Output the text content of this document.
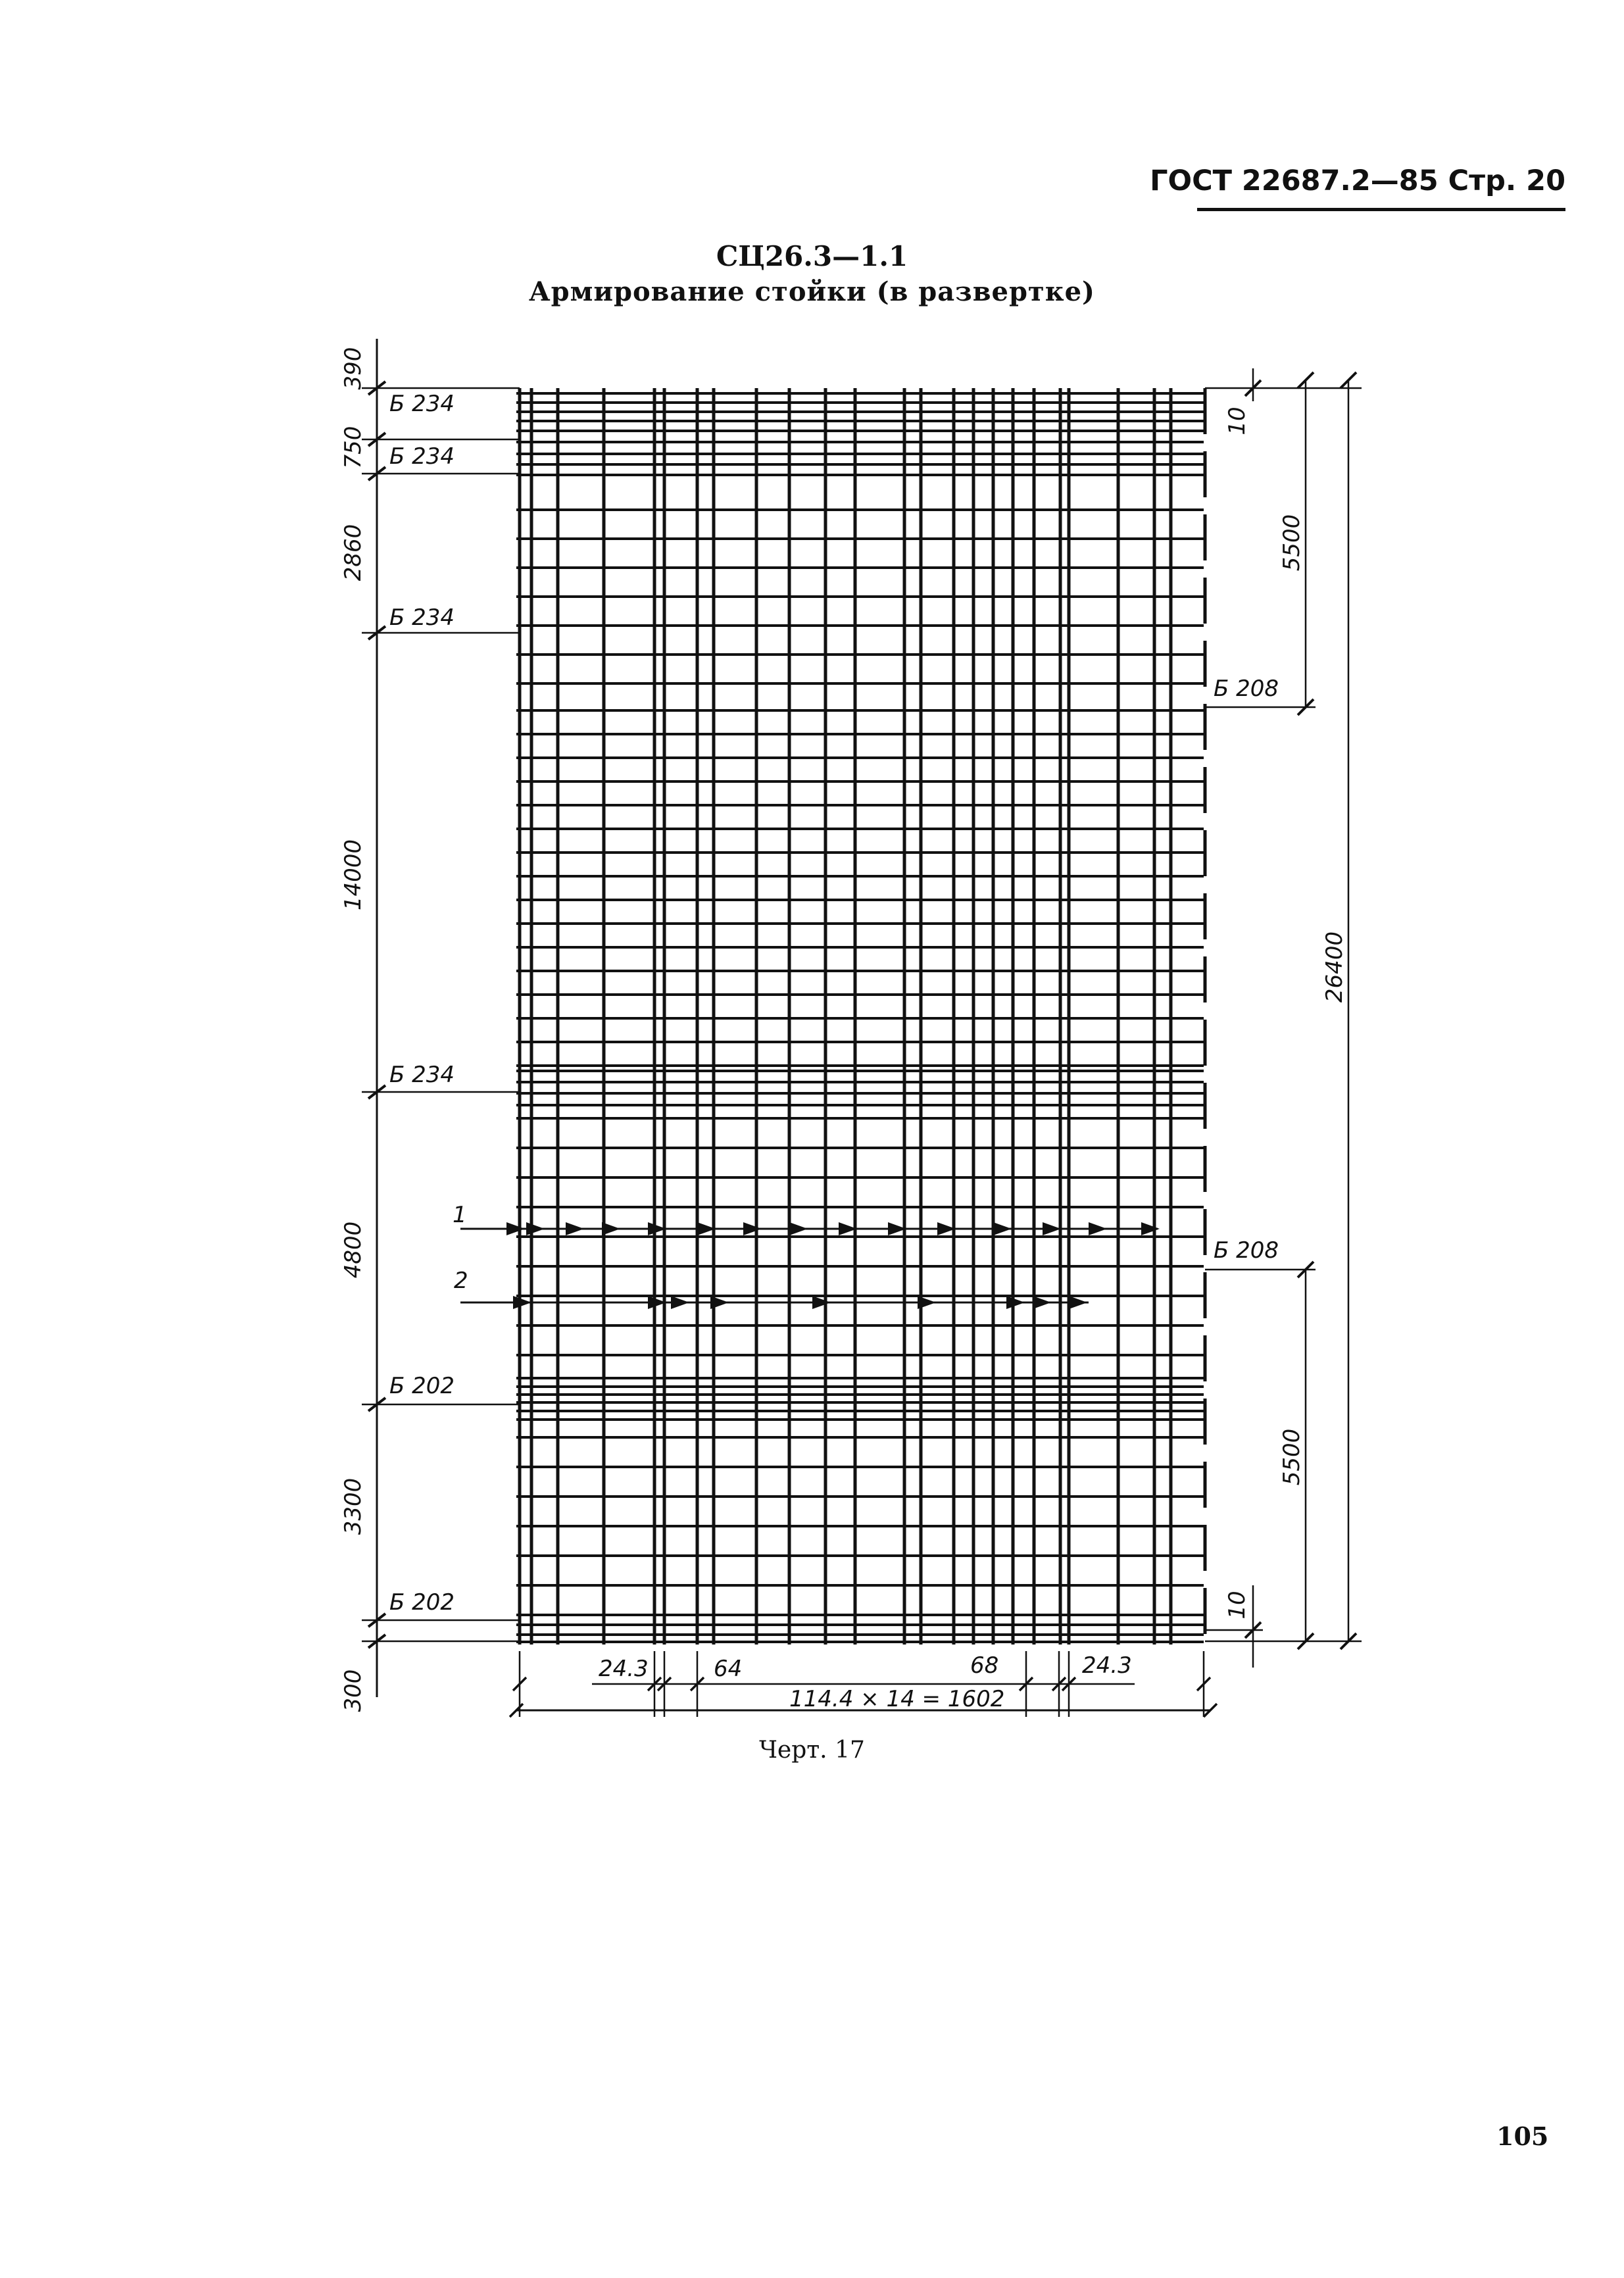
ГОСТ 22687.2—85 Стр. 20
СЦ26.3—1.1
Армирование стойки (в развертке)
390
750
2860
14000
4800
3300
300
Б 234
Б 234
Б 234
Б 234
Б 202
Б 202
10
5500
26400
5500
10
Б 208
Б 208
1
2
24.3	64	68	24.3
114.4 × 14 = 1602
Черт. 17
105
